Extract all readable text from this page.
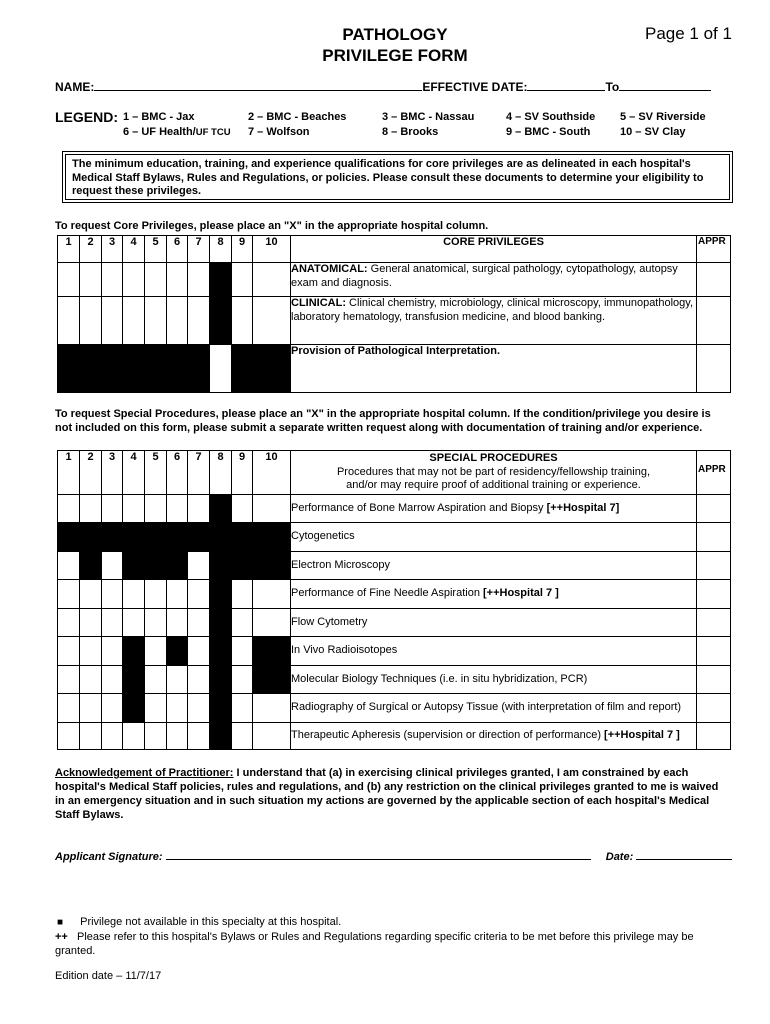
PATHOLOGY
PRIVILEGE FORM
Page 1 of 1
NAME:	EFFECTIVE DATE:	To
LEGEND: 1 – BMC - Jax	2 – BMC - Beaches	3 – BMC - Nassau	4 – SV Southside 5 – SV Riverside
6 – UF Health/UF TCU 7 – Wolfson	8 – Brooks	9 – BMC - South	10 – SV Clay
The minimum education, training, and experience qualifications for core privileges are as delineated in each hospital's Medical Staff Bylaws, Rules and Regulations, or policies. Please consult these documents to determine your eligibility to request these privileges.
To request Core Privileges, please place an "X" in the appropriate hospital column.
1	2	3	4	5	6	7	8	9	10	CORE PRIVILEGES	APPR
										ANATOMICAL: General anatomical, surgical pathology, cytopathology, autopsy exam and diagnosis.	
										CLINICAL: Clinical chemistry, microbiology, clinical microscopy, immunopathology, laboratory hematology, transfusion medicine, and blood banking.	
										Provision of Pathological Interpretation.	
To request Special Procedures, please place an "X" in the appropriate hospital column. If the condition/privilege you desire is not included on this form, please submit a separate written request along with documentation of training and/or experience.
1	2	3	4	5	6	7	8	9	10	SPECIAL PROCEDURES
Procedures that may not be part of residency/fellowship training, and/or may require proof of additional training or experience.	APPR
										Performance of Bone Marrow Aspiration and Biopsy [++Hospital 7]	
										Cytogenetics	
										Electron Microscopy	
										Performance of Fine Needle Aspiration [++Hospital 7 ]	
										Flow Cytometry	
										In Vivo Radioisotopes	
										Molecular Biology Techniques (i.e. in situ hybridization, PCR)	
										Radiography of Surgical or Autopsy Tissue (with interpretation of film and report)	
										Therapeutic Apheresis (supervision or direction of performance) [++Hospital 7 ]	
Acknowledgement of Practitioner: I understand that (a) in exercising clinical privileges granted, I am constrained by each hospital's Medical Staff policies, rules and regulations, and (b) any restriction on the clinical privileges granted to me is waived in an emergency situation and in such situation my actions are governed by the applicable section of each hospital's Medical Staff Bylaws.
Applicant Signature:	Date:
■ Privilege not available in this specialty at this hospital.
++ Please refer to this hospital's Bylaws or Rules and Regulations regarding specific criteria to be met before this privilege may be granted.
Edition date – 11/7/17
